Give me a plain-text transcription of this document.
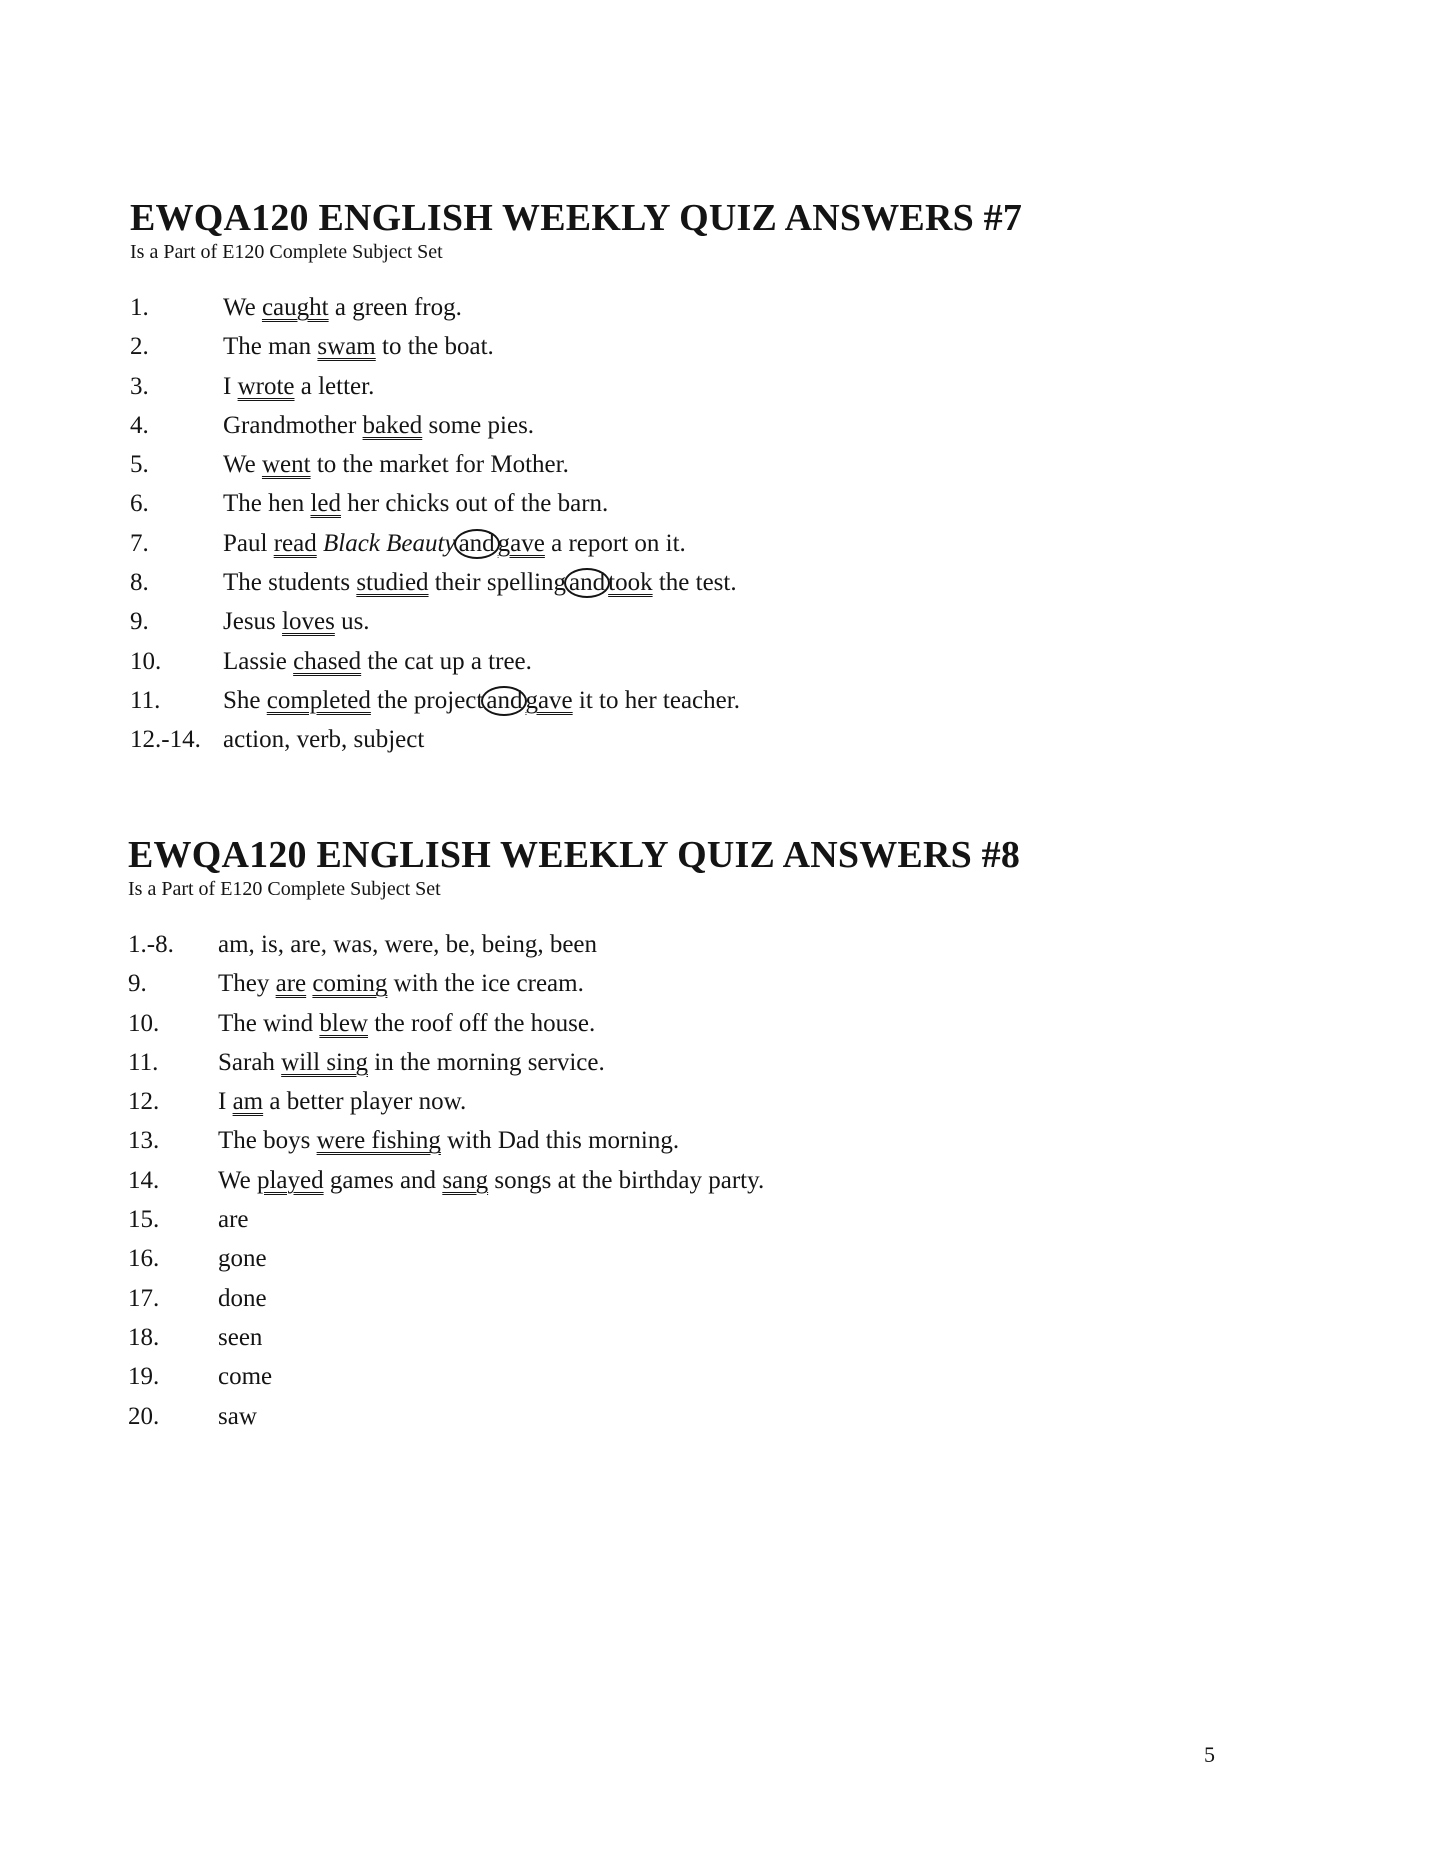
EWQA120 ENGLISH WEEKLY QUIZ ANSWERS #7

Is a Part of E120 Complete Subject Set

1.	We caught a green frog.
2.	The man swam to the boat.
3.	I wrote a letter.
4.	Grandmother baked some pies.
5.	We went to the market for Mother.
6.	The hen led her chicks out of the barn.
7.	Paul read Black Beauty and gave a report on it.
8.	The students studied their spelling and took the test.
9.	Jesus loves us.
10.	Lassie chased the cat up a tree.
11.	She completed the project and gave it to her teacher.
12.-14. action, verb, subject
EWQA120 ENGLISH WEEKLY QUIZ ANSWERS #8

Is a Part of E120 Complete Subject Set

1.-8.	am, is, are, was, were, be, being, been
9.	They are coming with the ice cream.
10.	The wind blew the roof off the house.
11.	Sarah will sing in the morning service.
12.	I am a better player now.
13.	The boys were fishing with Dad this morning.
14.	We played games and sang songs at the birthday party.
15.	are
16.	gone
17.	done
18.	seen
19.	come
20.	saw
5
